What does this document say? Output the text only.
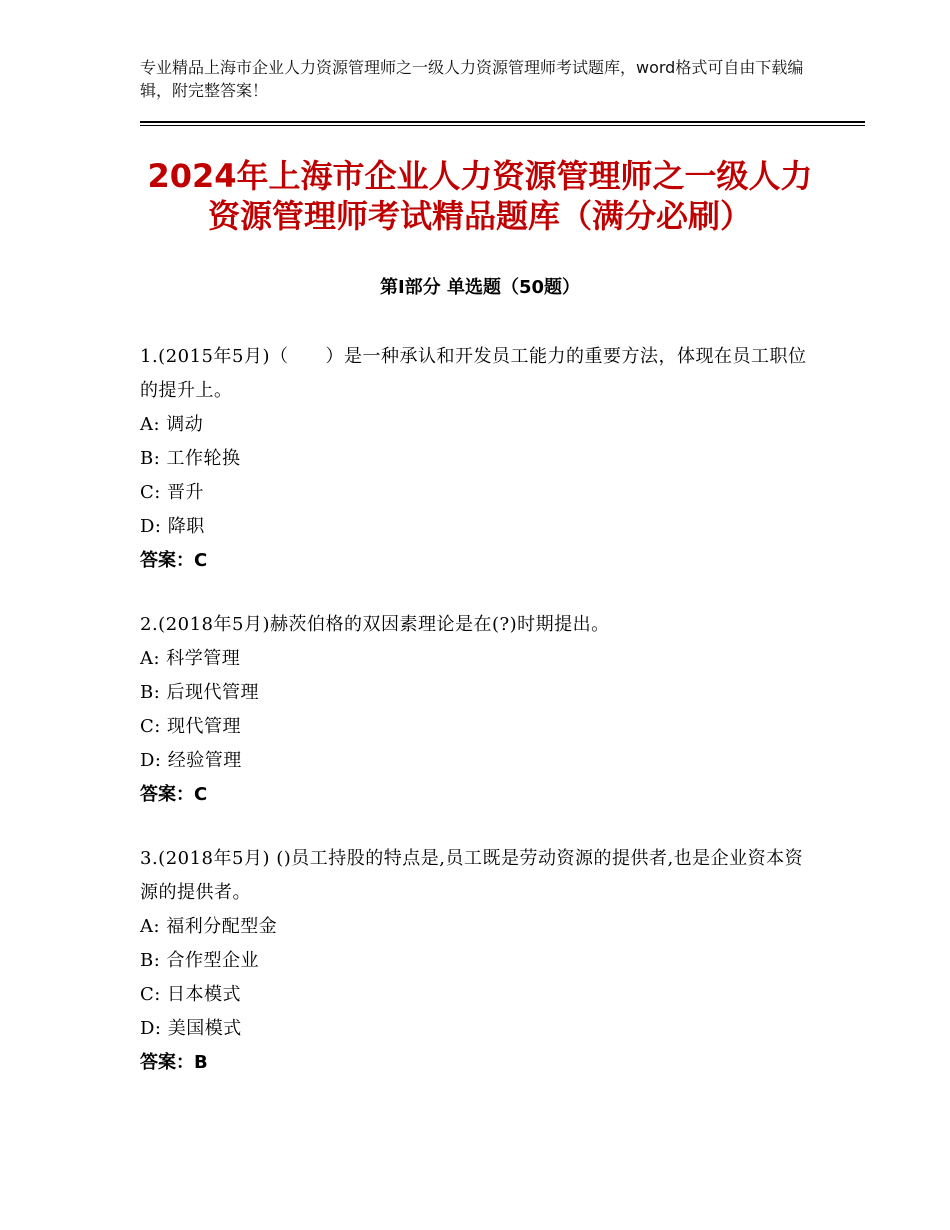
专业精品上海市企业人力资源管理师之一级人力资源管理师考试题库，word格式可自由下载编辑，附完整答案！
2024年上海市企业人力资源管理师之一级人力资源管理师考试精品题库（满分必刷）
第Ⅰ部分 单选题（50题）
1.(2015年5月)（　　）是一种承认和开发员工能力的重要方法，体现在员工职位的提升上。
A: 调动
B: 工作轮换
C: 晋升
D: 降职
答案：C
2.(2018年5月)赫茨伯格的双因素理论是在(?)时期提出。
A: 科学管理
B: 后现代管理
C: 现代管理
D: 经验管理
答案：C
3.(2018年5月) ()员工持股的特点是,员工既是劳动资源的提供者,也是企业资本资源的提供者。
A: 福利分配型金
B: 合作型企业
C: 日本模式
D: 美国模式
答案：B
